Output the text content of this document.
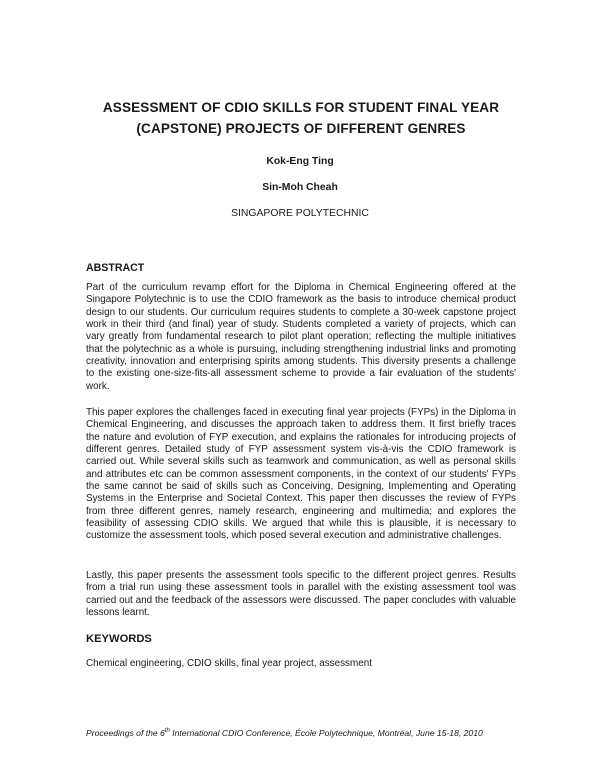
ASSESSMENT OF CDIO SKILLS FOR STUDENT FINAL YEAR (CAPSTONE) PROJECTS OF DIFFERENT GENRES
Kok-Eng Ting
Sin-Moh Cheah
SINGAPORE POLYTECHNIC
ABSTRACT

Part of the curriculum revamp effort for the Diploma in Chemical Engineering offered at the Singapore Polytechnic is to use the CDIO framework as the basis to introduce chemical product design to our students. Our curriculum requires students to complete a 30-week capstone project work in their third (and final) year of study. Students completed a variety of projects, which can vary greatly from fundamental research to pilot plant operation; reflecting the multiple initiatives that the polytechnic as a whole is pursuing, including strengthening industrial links and promoting creativity, innovation and enterprising spirits among students. This diversity presents a challenge to the existing one-size-fits-all assessment scheme to provide a fair evaluation of the students' work.

This paper explores the challenges faced in executing final year projects (FYPs) in the Diploma in Chemical Engineering, and discusses the approach taken to address them. It first briefly traces the nature and evolution of FYP execution, and explains the rationales for introducing projects of different genres. Detailed study of FYP assessment system vis-à-vis the CDIO framework is carried out. While several skills such as teamwork and communication, as well as personal skills and attributes etc can be common assessment components, in the context of our students' FYPs the same cannot be said of skills such as Conceiving, Designing, Implementing and Operating Systems in the Enterprise and Societal Context. This paper then discusses the review of FYPs from three different genres, namely research, engineering and multimedia; and explores the feasibility of assessing CDIO skills. We argued that while this is plausible, it is necessary to customize the assessment tools, which posed several execution and administrative challenges.

Lastly, this paper presents the assessment tools specific to the different project genres. Results from a trial run using these assessment tools in parallel with the existing assessment tool was carried out and the feedback of the assessors were discussed. The paper concludes with valuable lessons learnt.

KEYWORDS

Chemical engineering, CDIO skills, final year project, assessment

Proceedings of the 6th International CDIO Conference, École Polytechnique, Montréal, June 15-18, 2010
